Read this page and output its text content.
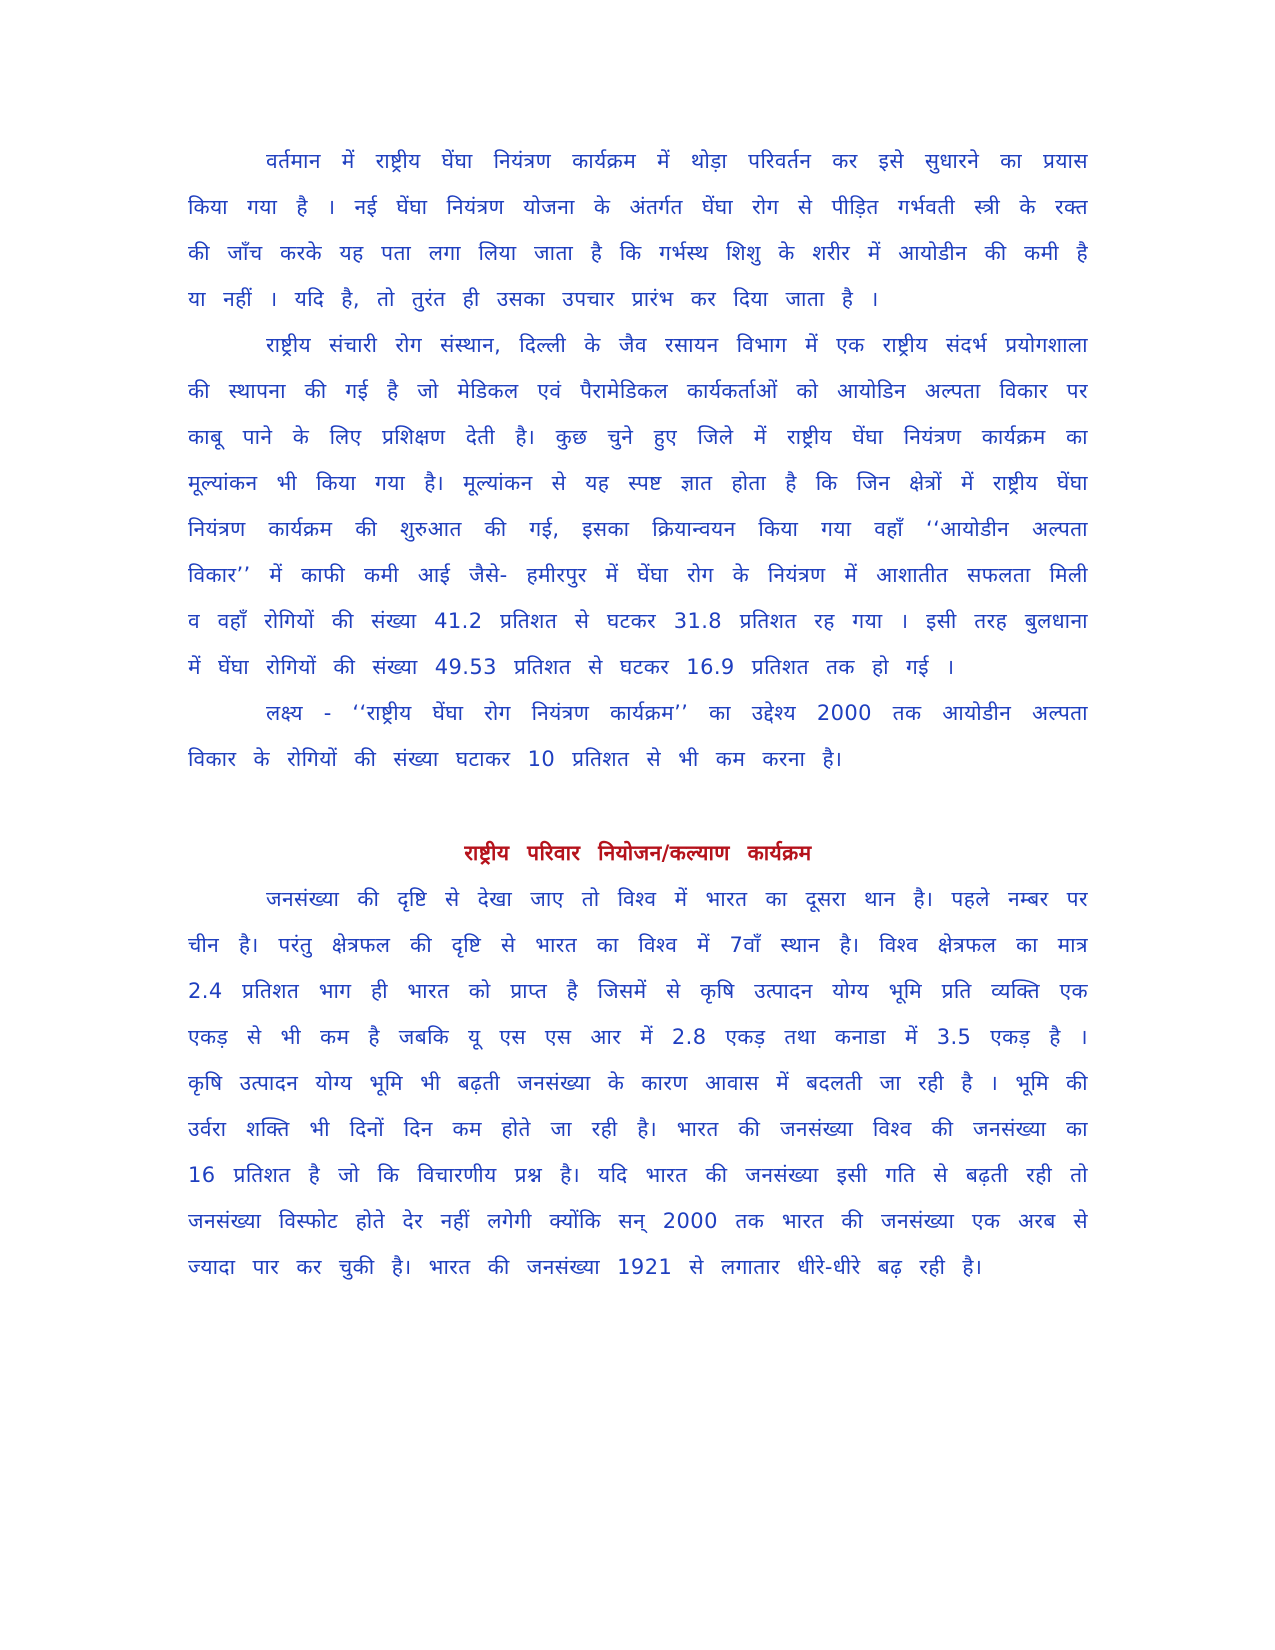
वर्तमान में राष्ट्रीय घेंघा नियंत्रण कार्यक्रम में थोड़ा परिवर्तन कर इसे सुधारने का प्रयास किया गया है । नई घेंघा नियंत्रण योजना के अंतर्गत घेंघा रोग से पीड़ित गर्भवती स्त्री के रक्त की जाँच करके यह पता लगा लिया जाता है कि गर्भस्थ शिशु के शरीर में आयोडीन की कमी है या नहीं । यदि है, तो तुरंत ही उसका उपचार प्रारंभ कर दिया जाता है ।

राष्ट्रीय संचारी रोग संस्थान, दिल्ली के जैव रसायन विभाग में एक राष्ट्रीय संदर्भ प्रयोगशाला की स्थापना की गई है जो मेडिकल एवं पैरामेडिकल कार्यकर्ताओं को आयोडिन अल्पता विकार पर काबू पाने के लिए प्रशिक्षण देती है। कुछ चुने हुए जिले में राष्ट्रीय घेंघा नियंत्रण कार्यक्रम का मूल्यांकन भी किया गया है। मूल्यांकन से यह स्पष्ट ज्ञात होता है कि जिन क्षेत्रों में राष्ट्रीय घेंघा नियंत्रण कार्यक्रम की शुरुआत की गई, इसका क्रियान्वयन किया गया वहाँ ‘‘आयोडीन अल्पता विकार’’ में काफी कमी आई जैसे- हमीरपुर में घेंघा रोग के नियंत्रण में आशातीत सफलता मिली व वहाँ रोगियों की संख्या 41.2 प्रतिशत से घटकर 31.8 प्रतिशत रह गया । इसी तरह बुलधाना में घेंघा रोगियों की संख्या 49.53 प्रतिशत से घटकर 16.9 प्रतिशत तक हो गई ।

लक्ष्य - ‘‘राष्ट्रीय घेंघा रोग नियंत्रण कार्यक्रम’’ का उद्देश्य 2000 तक आयोडीन अल्पता विकार के रोगियों की संख्या घटाकर 10 प्रतिशत से भी कम करना है।

राष्ट्रीय परिवार नियोजन/कल्याण कार्यक्रम

जनसंख्या की दृष्टि से देखा जाए तो विश्व में भारत का दूसरा थान है। पहले नम्बर पर चीन है। परंतु क्षेत्रफल की दृष्टि से भारत का विश्व में 7वाँ स्थान है। विश्व क्षेत्रफल का मात्र 2.4 प्रतिशत भाग ही भारत को प्राप्त है जिसमें से कृषि उत्पादन योग्य भूमि प्रति व्यक्ति एक एकड़ से भी कम है जबकि यू एस एस आर में 2.8 एकड़ तथा कनाडा में 3.5 एकड़ है । कृषि उत्पादन योग्य भूमि भी बढ़ती जनसंख्या के कारण आवास में बदलती जा रही है । भूमि की उर्वरा शक्ति भी दिनों दिन कम होते जा रही है। भारत की जनसंख्या विश्व की जनसंख्या का 16 प्रतिशत है जो कि विचारणीय प्रश्न है। यदि भारत की जनसंख्या इसी गति से बढ़ती रही तो जनसंख्या विस्फोट होते देर नहीं लगेगी क्योंकि सन् 2000 तक भारत की जनसंख्या एक अरब से ज्यादा पार कर चुकी है। भारत की जनसंख्या 1921 से लगातार धीरे-धीरे बढ़ रही है।
